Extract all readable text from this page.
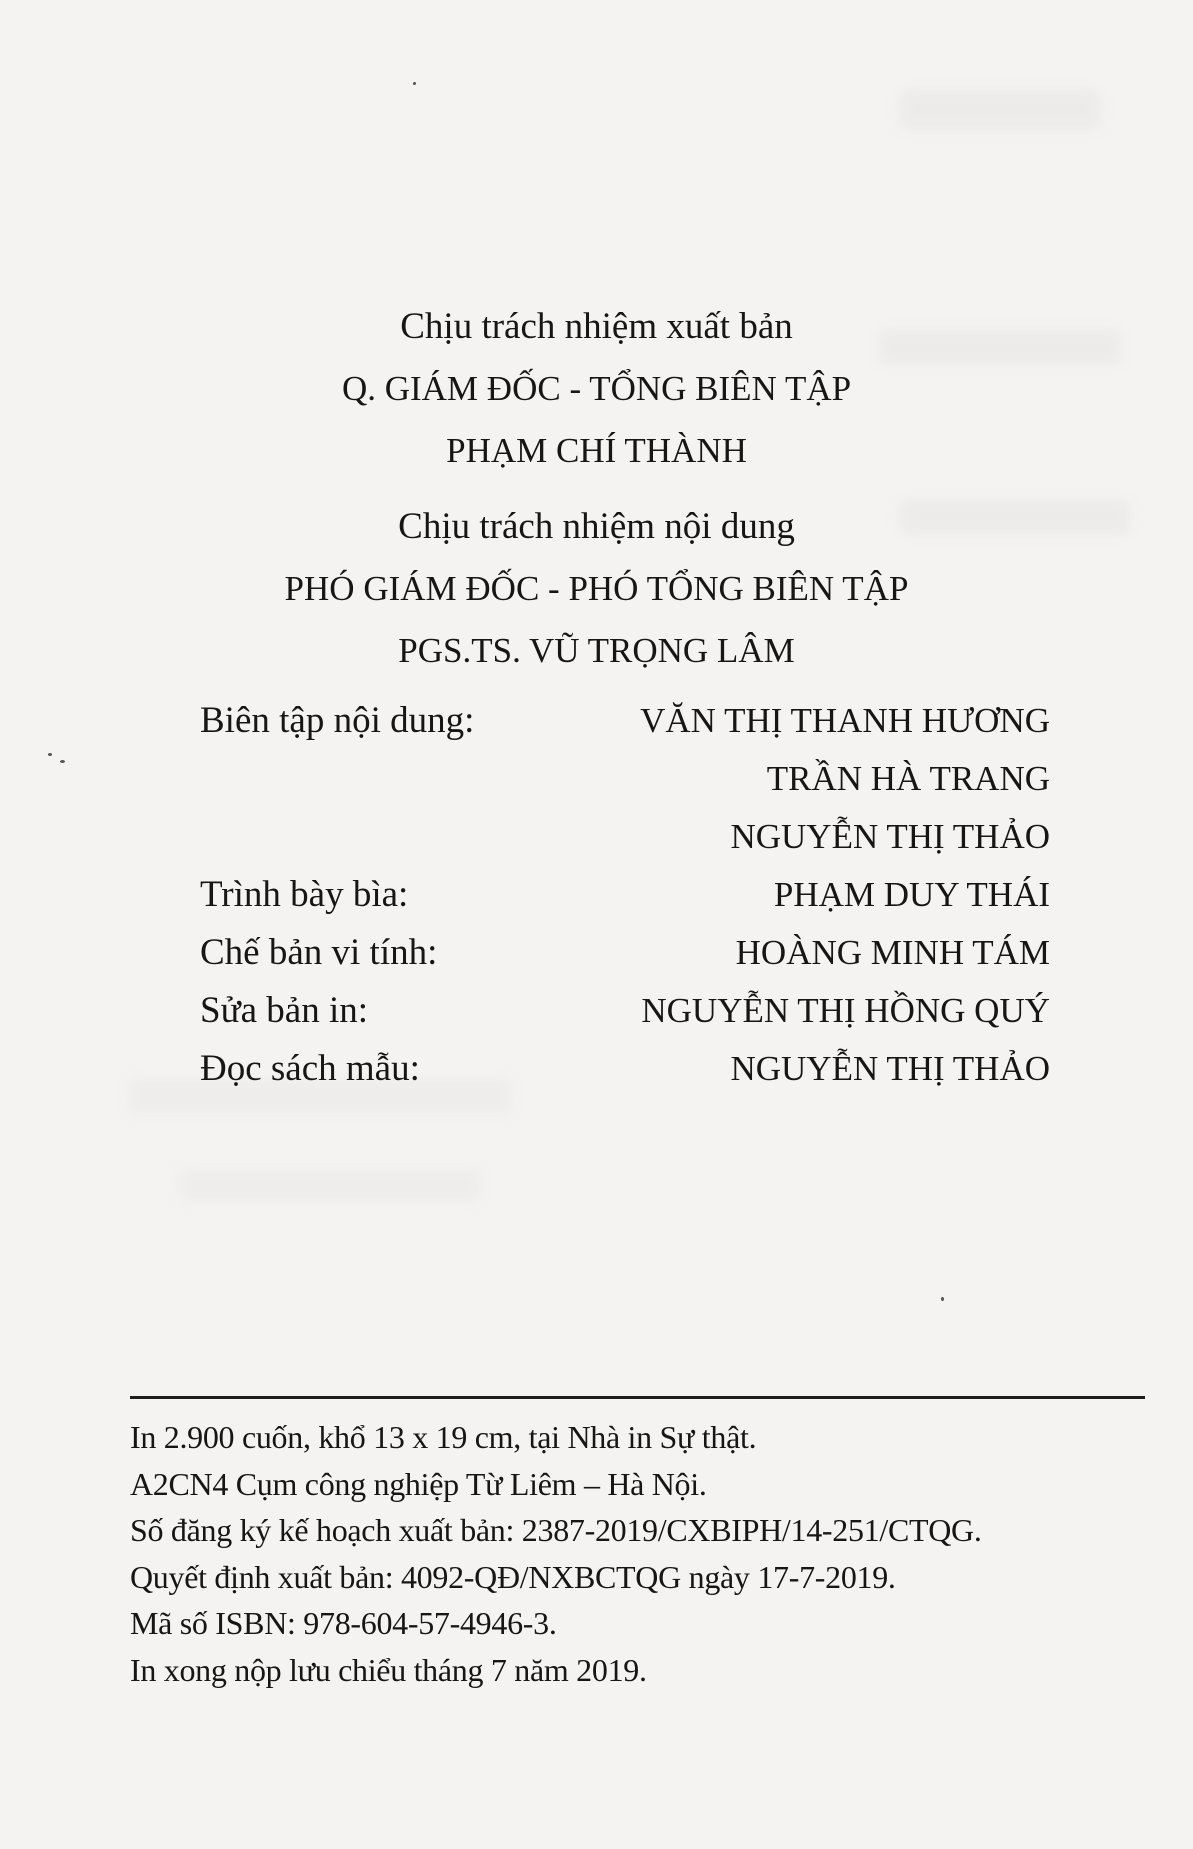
Chịu trách nhiệm xuất bản
Q. GIÁM ĐỐC - TỔNG BIÊN TẬP
PHẠM CHÍ THÀNH
Chịu trách nhiệm nội dung
PHÓ GIÁM ĐỐC - PHÓ TỔNG BIÊN TẬP
PGS.TS. VŨ TRỌNG LÂM
Biên tập nội dung:	VĂN THỊ THANH HƯƠNG
TRẦN HÀ TRANG
NGUYỄN THỊ THẢO
Trình bày bìa:	PHẠM DUY THÁI
Chế bản vi tính:	HOÀNG MINH TÁM
Sửa bản in:	NGUYỄN THỊ HỒNG QUÝ
Đọc sách mẫu:	NGUYỄN THỊ THẢO
In 2.900 cuốn, khổ 13 x 19 cm, tại Nhà in Sự thật.
A2CN4 Cụm công nghiệp Từ Liêm – Hà Nội.
Số đăng ký kế hoạch xuất bản: 2387-2019/CXBIPH/14-251/CTQG.
Quyết định xuất bản: 4092-QĐ/NXBCTQG ngày 17-7-2019.
Mã số ISBN: 978-604-57-4946-3.
In xong nộp lưu chiểu tháng 7 năm 2019.
